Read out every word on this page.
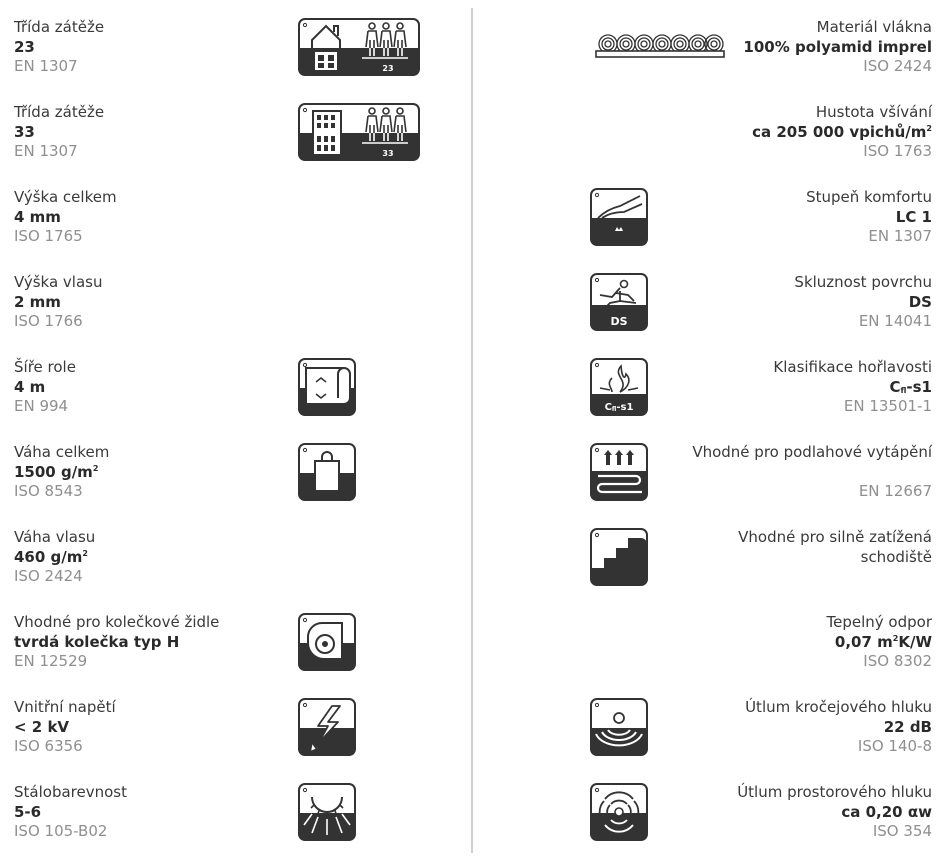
Třída zátěže
23
EN 1307	23
Třída zátěže
33
EN 1307	33
Výška celkem
4 mm
ISO 1765
Výška vlasu
2 mm
ISO 1766
Šíře role
4 m
EN 994
Váha celkem
1500 $g/m^2$
ISO 8543
Váha vlasu
460 $g/m^2$
ISO 2424
Vhodné pro kolečkové židle
tvrdá kolečka typ H
EN 12529
Vnitřní napětí
< 2 kV
ISO 6356
Stálobarevnost
5-6
ISO 105-B02
Materiál vlákna
100% polyamid imprel
ISO 2424
Hustota všívání
ca 205 000 vpichů/$m^2$
ISO 1763
Stupeň komfortu
LC 1
EN 1307
DS
Skluznost povrchu
DS
EN 14041
Cfl-s1
Klasifikace hořlavosti
$C_{fl}-s1$
EN 13501-1
Vhodné pro podlahové vytápění
EN 12667
Vhodné pro silně zatížená
schodiště
Tepelný odpor
0,07 $m^2K/W$
ISO 8302
Útlum kročejového hluku
22 dB
ISO 140-8
Útlum prostorového hluku
ca 0,20 αw
ISO 354
